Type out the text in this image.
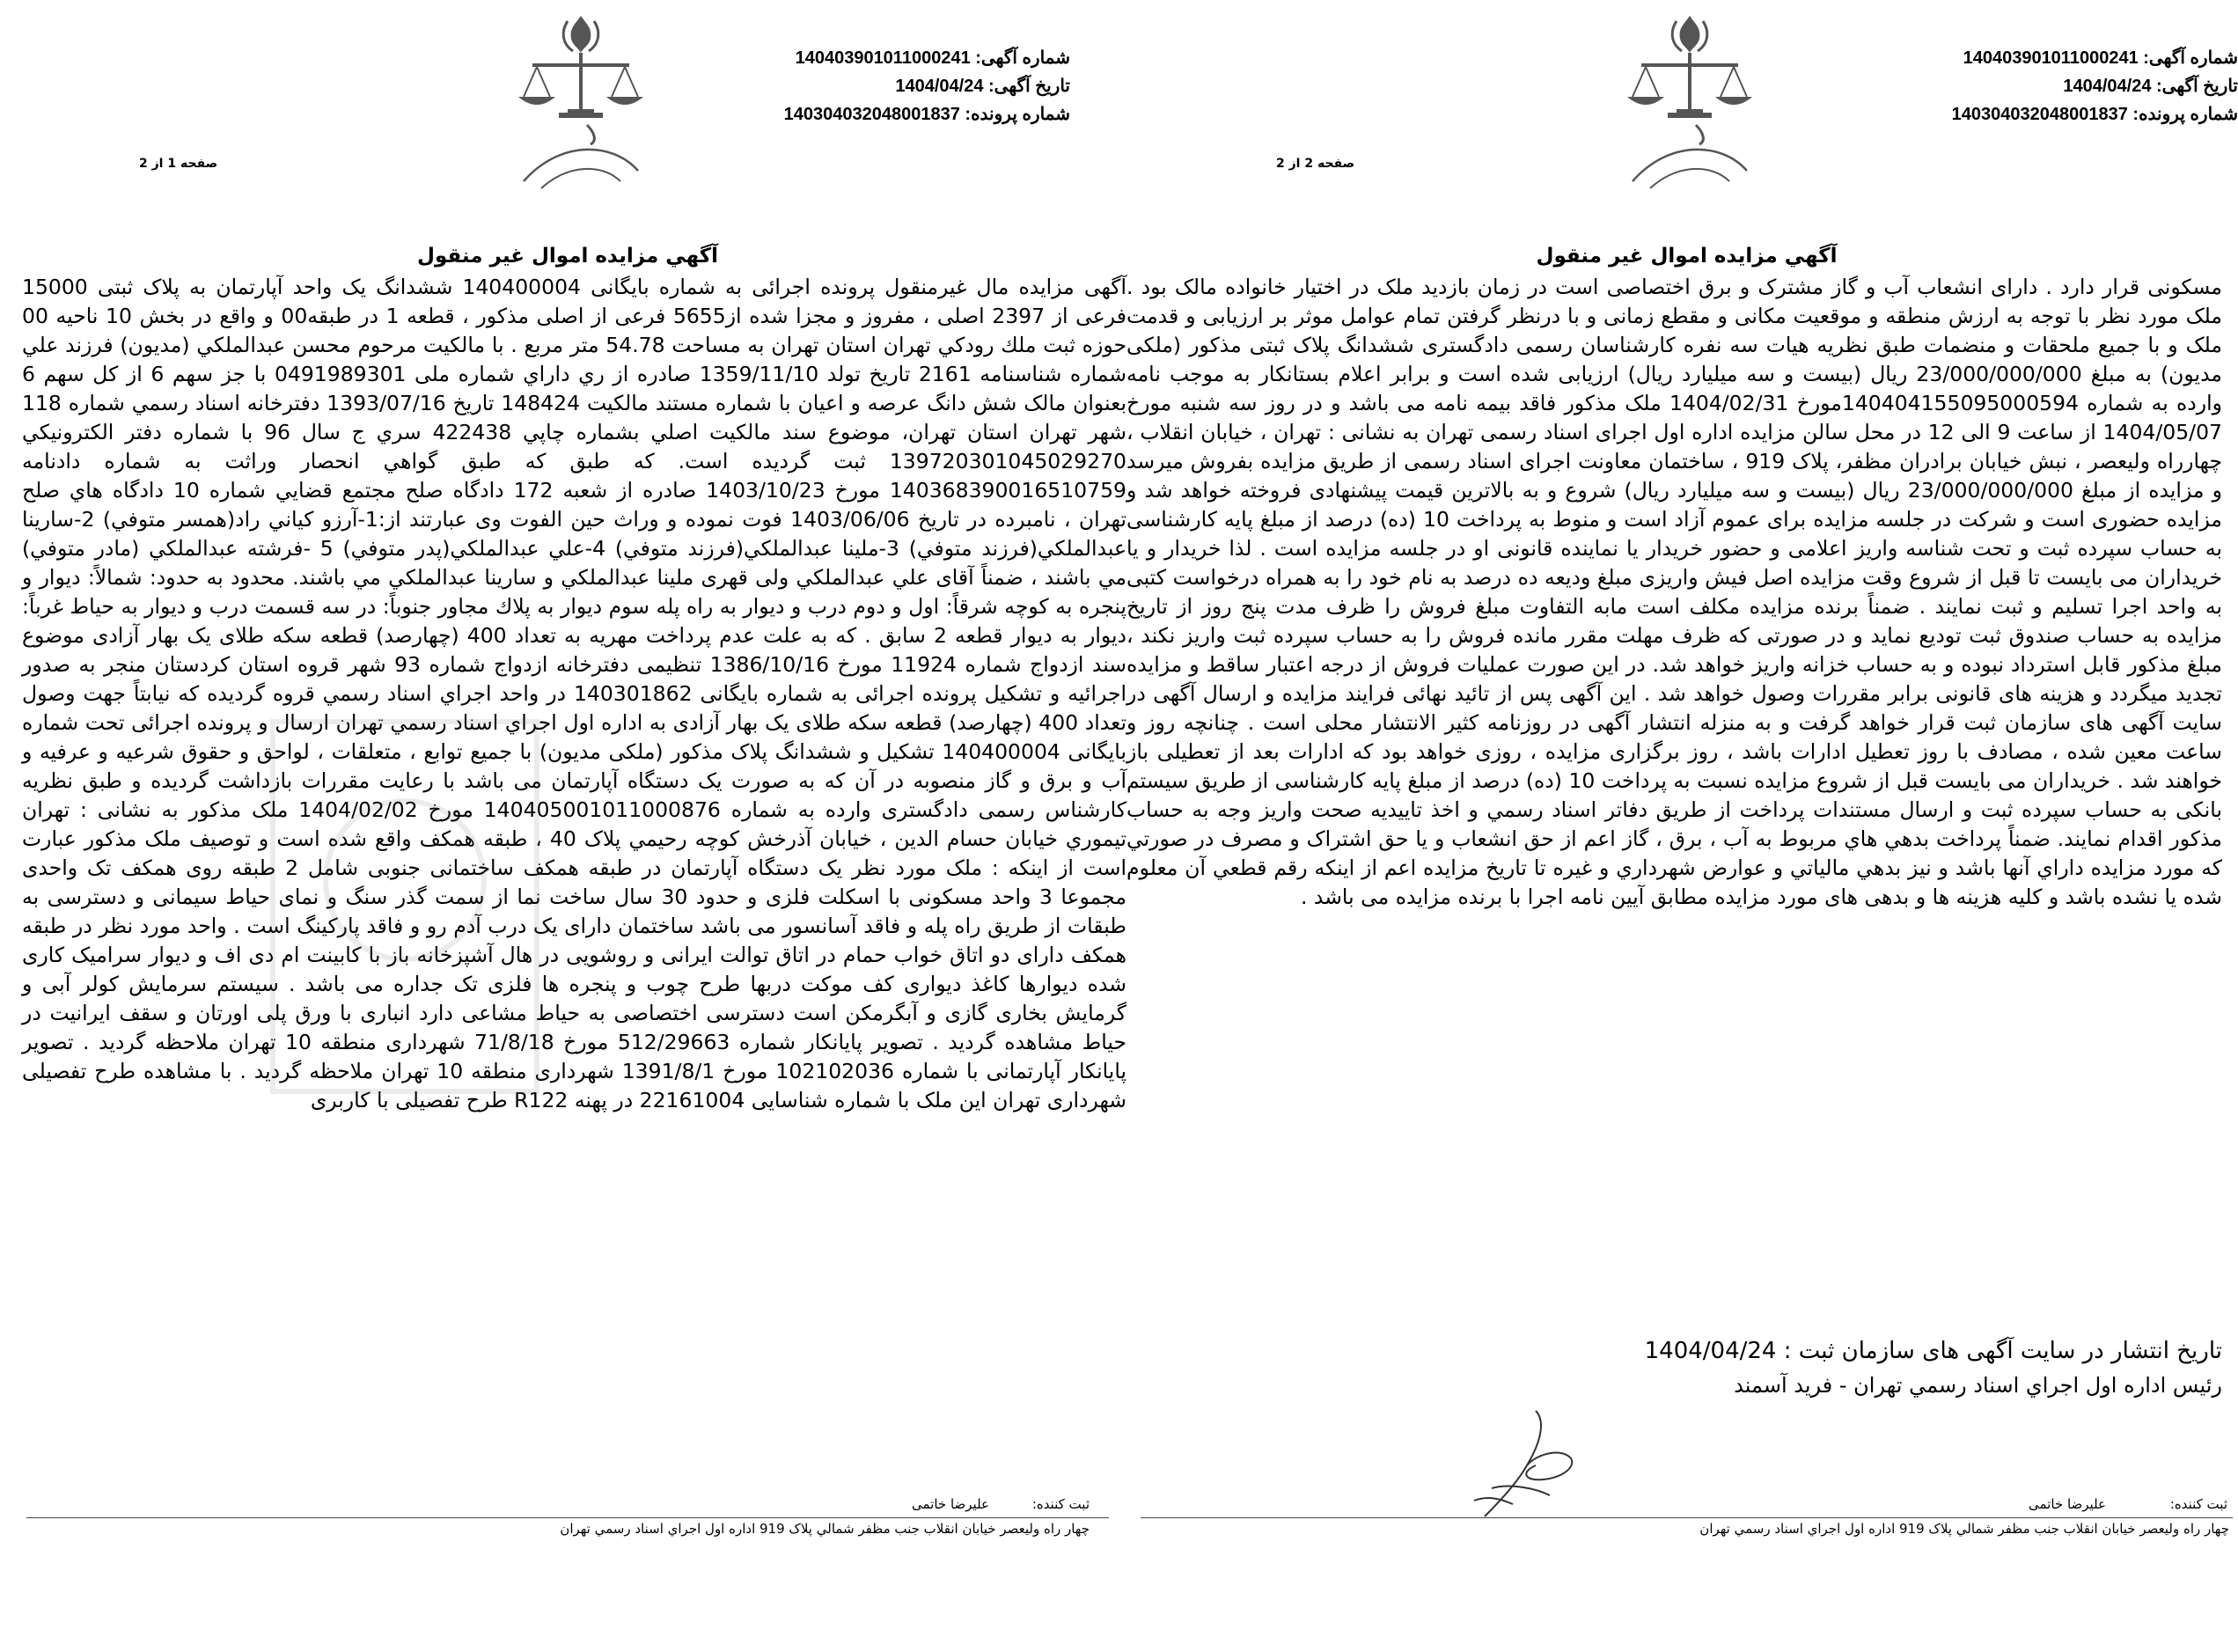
شماره آگهی: 140403901011000241
تاریخ آگهی: 1404/04/24
شماره پرونده: 140304032048001837
صفحه 2 از 2
آگهي مزايده اموال غير منقول
مسکونی قرار دارد . دارای انشعاب آب و گاز مشترک و برق اختصاصی است در زمان بازدید ملک در اختیار خانواده مالک بود . ملک مورد نظر با توجه به ارزش منطقه و موقعیت مکانی و مقطع زمانی و با درنظر گرفتن تمام عوامل موثر بر ارزیابی و قدمت ملک و با جمیع ملحقات و منضمات طبق نظریه هیات سه نفره کارشناسان رسمی دادگستری ششدانگ پلاک ثبتی مذکور (ملکی مدیون) به مبلغ 23/000/000/000 ریال (بیست و سه میلیارد ریال) ارزیابی شده است و برابر اعلام بستانکار به موجب نامه وارده به شماره 140404155095000594مورخ 1404/02/31 ملک مذکور فاقد بیمه نامه می باشد و در روز سه شنبه مورخ 1404/05/07 از ساعت 9 الی 12 در محل سالن مزایده اداره اول اجرای اسناد رسمی تهران به نشانی : تهران ، خیابان انقلاب ، چهارراه ولیعصر ، نبش خیابان برادران مظفر، پلاک 919 ، ساختمان معاونت اجرای اسناد رسمی از طریق مزایده بفروش میرسد و مزایده از مبلغ 23/000/000/000 ریال (بیست و سه میلیارد ریال) شروع و به بالاترین قیمت پیشنهادی فروخته خواهد شد و مزایده حضوری است و شرکت در جلسه مزایده برای عموم آزاد است و منوط به پرداخت 10 (ده) درصد از مبلغ پایه کارشناسی به حساب سپرده ثبت و تحت شناسه واریز اعلامی و حضور خریدار یا نماینده قانونی او در جلسه مزایده است . لذا خریدار و یا خریداران می بایست تا قبل از شروع وقت مزایده اصل فیش واریزی مبلغ ودیعه ده درصد به نام خود را به همراه درخواست کتبی به واحد اجرا تسلیم و ثبت نمایند . ضمناً برنده مزایده مکلف است مابه التفاوت مبلغ فروش را ظرف مدت پنج روز از تاریخ مزایده به حساب صندوق ثبت تودیع نماید و در صورتی که ظرف مهلت مقرر مانده فروش را به حساب سپرده ثبت واریز نکند ، مبلغ مذکور قابل استرداد نبوده و به حساب خزانه واریز خواهد شد. در این صورت عملیات فروش از درجه اعتبار ساقط و مزایده تجدید میگردد و هزینه های قانونی برابر مقررات وصول خواهد شد . این آگهی پس از تائید نهائی فرایند مزایده و ارسال آگهی در سایت آگهی های سازمان ثبت قرار خواهد گرفت و به منزله انتشار آگهی در روزنامه کثیر الانتشار محلی است . چنانچه روز و ساعت معین شده ، مصادف با روز تعطیل ادارات باشد ، روز برگزاری مزایده ، روزی خواهد بود که ادارات بعد از تعطیلی باز خواهند شد . خریداران می بایست قبل از شروع مزایده نسبت به پرداخت 10 (ده) درصد از مبلغ پایه کارشناسی از طریق سیستم بانکی به حساب سپرده ثبت و ارسال مستندات پرداخت از طریق دفاتر اسناد رسمي و اخذ تاييديه صحت واريز وجه به حساب مذکور اقدام نمایند. ضمناً پرداخت بدهي هاي مربوط به آب ، برق ، گاز اعم از حق انشعاب و يا حق اشتراک و مصرف در صورتي که مورد مزايده داراي آنها باشد و نيز بدهي مالياتي و عوارض شهرداري و غيره تا تاريخ مزايده اعم از اينکه رقم قطعي آن معلوم شده يا نشده باشد و کليه هزينه ها و بدهی های مورد مزایده مطابق آیین نامه اجرا با برنده مزایده می باشد .
تاریخ انتشار در سایت آگهی های سازمان ثبت : 1404/04/24
رئیس اداره اول اجراي اسناد رسمي تهران - فرید آسمند
ثبت کننده:
علیرضا خاتمی
چهار راه ولیعصر خیابان انقلاب جنب مظفر شمالي پلاک 919 اداره اول اجراي اسناد رسمي تهران
شماره آگهی: 140403901011000241
تاریخ آگهی: 1404/04/24
شماره پرونده: 140304032048001837
صفحه 1 از 2
آگهي مزايده اموال غير منقول
آگهی مزایده مال غیرمنقول پرونده اجرائی به شماره بایگانی 140400004 ششدانگ یک واحد آپارتمان به پلاک ثبتی 15000 فرعی از 2397 اصلی ، مفروز و مجزا شده از5655 فرعی از اصلی مذکور ، قطعه 1 در طبقه00 و واقع در بخش 10 ناحیه 00 حوزه ثبت ملك رودكي تهران استان تهران به مساحت 54.78 متر مربع . با مالکيت مرحوم محسن عبدالملكي (مديون) فرزند علي شماره شناسنامه 2161 تاريخ تولد 1359/11/10 صادره از ري داراي شماره ملی 0491989301 با جز سهم 6 از کل سهم 6 بعنوان مالک شش دانگ عرصه و اعيان با شماره مستند مالكيت 148424 تاريخ 1393/07/16 دفترخانه اسناد رسمي شماره 118 شهر تهران استان تهران، موضوع سند مالكيت اصلي بشماره چاپي 422438 سري ج سال 96 با شماره دفتر الكترونيكي 139720301045029270 ثبت گرديده است. كه طبق كه طبق گواهي انحصار وراثت به شماره دادنامه 140368390016510759 مورخ 1403/10/23 صادره از شعبه 172 دادگاه صلح مجتمع قضايي شماره 10 دادگاه هاي صلح تهران ، نامبرده در تاريخ 1403/06/06 فوت نموده و وراث حين الفوت وی عبارتند از:1-آرزو كياني راد(همسر متوفي) 2-سارينا عبدالملكي(فرزند متوفي) 3-ملينا عبدالملكي(فرزند متوفي) 4-علي عبدالملكي(پدر متوفي) 5 -فرشته عبدالملكي (مادر متوفي) مي باشند ، ضمناً آقای علي عبدالملكي ولی قهری ملينا عبدالملكي و سارينا عبدالملكي مي باشند. محدود به حدود: شمالاً: ديوار و پنجره به كوچه شرقاً: اول و دوم درب و ديوار به راه پله سوم ديوار به پلاك مجاور جنوباً: در سه قسمت درب و ديوار به حياط غرباً: ديوار به ديوار قطعه 2 سابق . كه به علت عدم پرداخت مهريه به تعداد 400 (چهارصد) قطعه سكه طلای يک بهار آزادی موضوع سند ازدواج شماره 11924 مورخ 1386/10/16 تنظيمی دفترخانه ازدواج شماره 93 شهر قروه استان كردستان منجر به صدور اجرائيه و تشکيل پرونده اجرائی به شماره بايگانی 140301862 در واحد اجراي اسناد رسمي قروه گرديده كه نيابتاً جهت وصول تعداد 400 (چهارصد) قطعه سكه طلای يک بهار آزادی به اداره اول اجراي اسناد رسمي تهران ارسال و پرونده اجرائی تحت شماره بايگانی 140400004 تشكيل و ششدانگ پلاک مذکور (ملکی مدیون) با جمیع توابع ، متعلقات ، لواحق و حقوق شرعیه و عرفیه و آب و برق و گاز منصوبه در آن که به صورت یک دستگاه آپارتمان می باشد با رعایت مقررات بازداشت گردیده و طبق نظریه کارشناس رسمی دادگستری وارده به شماره 140405001011000876 مورخ 1404/02/02 ملک مذکور به نشانی : تهران تیموري خیابان حسام الدین ، خیابان آذرخش کوچه رحیمي پلاک 40 ، طبقه همکف واقع شده است و توصیف ملک مذکور عبارت است از اینکه : ملک مورد نظر یک دستگاه آپارتمان در طبقه همکف ساختمانی جنوبی شامل 2 طبقه روی همکف تک واحدی مجموعا 3 واحد مسکونی با اسکلت فلزی و حدود 30 سال ساخت نما از سمت گذر سنگ و نمای حیاط سیمانی و دسترسی به طبقات از طریق راه پله و فاقد آسانسور می باشد ساختمان دارای یک درب آدم رو و فاقد پارکینگ است . واحد مورد نظر در طبقه همکف دارای دو اتاق خواب حمام در اتاق توالت ایرانی و روشویی در هال آشپزخانه باز با کابینت ام دی اف و دیوار سرامیک کاری شده دیوارها کاغذ دیواری کف موکت دربها طرح چوب و پنجره ها فلزی تک جداره می باشد . سیستم سرمایش کولر آبی و گرمایش بخاری گازی و آبگرمکن است دسترسی اختصاصی به حیاط مشاعی دارد انباری با ورق پلی اورتان و سقف ایرانیت در حیاط مشاهده گردید . تصویر پایانکار شماره 512/29663 مورخ 71/8/18 شهرداری منطقه 10 تهران ملاحظه گردید . تصویر پایانکار آپارتمانی با شماره 102102036 مورخ 1391/8/1 شهرداری منطقه 10 تهران ملاحظه گردید . با مشاهده طرح تفصیلی شهرداری تهران این ملک با شماره شناسایی 22161004 در پهنه R122 طرح تفصیلی با کاربری
ثبت کننده:
علیرضا خاتمی
چهار راه ولیعصر خیابان انقلاب جنب مظفر شمالي پلاک 919 اداره اول اجراي اسناد رسمي تهران
